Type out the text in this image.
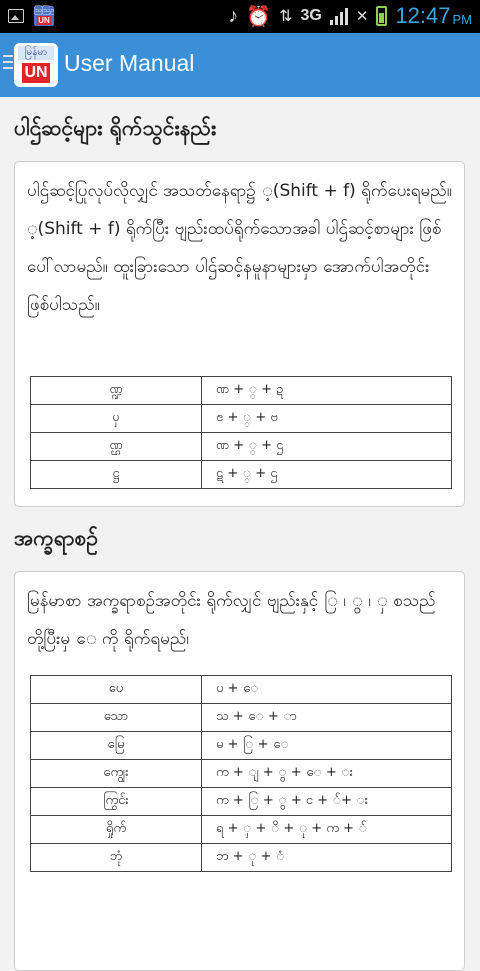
ဩဩဥ
UN	♪ ⏰ ⇅ 3G ✕ 12:47 PM
မြန်မာ
UN User Manual
ပါဌ်ဆင့်များ ရိုက်သွင်းနည်း

ပါဌ်ဆင့်ပြုလုပ်လိုလျှင် အသတ်နေရာ၌ ့(Shift + f) ရိုက်ပေးရမည်။ ့(Shift + f) ရိုက်ပြီး ဗျည်းထပ်ရိုက်သောအခါ ပါဌ်ဆင့်စာများ ဖြစ်ပေါ်လာမည်။ ထူးခြားသော ပါဌ်ဆင့်နမူနာများမှာ အောက်ပါအတိုင်း ဖြစ်ပါသည်။

ဏ္ဍ	ဏ + ္ + ဍ
ၦ	ၔ + ္ + ဗ
ဏ္ဌ	ဏ + ္ + ဌ
ဋ္ဌ	ဋ + ္ + ဌ
အက္ခရာစဉ်

မြန်မာစာ အက္ခရာစဉ်အတိုင်း ရိုက်လျှင် ဗျည်းနှင့် ြ ၊ ွ ၊ ှ စသည်တို့ပြီးမှ ေ ကို ရိုက်ရမည်၊

ပေ	ပ + ေ
သော	သ + ေ + ာ
မြေ	မ + ြ + ေ
ကျွေး	က + ျ + ွ + ေ + း
ကြွင်း	က + ြ + ွ + င + ်+ း
ရှိုက်	ရ + ှ + ိ + ု + က + ်
ဘုံ	ဘ + ု + ံ
